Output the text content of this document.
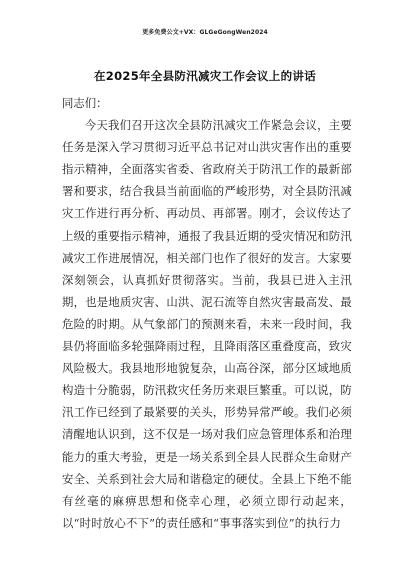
更多免费公文+VX：GLGeGongWen2024
在2025年全县防汛减灾工作会议上的讲话

同志们：

今天我们召开这次全县防汛减灾工作紧急会议，主要任务是深入学习贯彻习近平总书记对山洪灾害作出的重要指示精神，全面落实省委、省政府关于防汛工作的最新部署和要求，结合我县当前面临的严峻形势，对全县防汛减灾工作进行再分析、再动员、再部署。刚才，会议传达了上级的重要指示精神，通报了我县近期的受灾情况和防汛减灾工作进展情况，相关部门也作了很好的发言。大家要深刻领会，认真抓好贯彻落实。当前，我县已进入主汛期，也是地质灾害、山洪、泥石流等自然灾害最高发、最危险的时期。从气象部门的预测来看，未来一段时间，我县仍将面临多轮强降雨过程，且降雨落区重叠度高，致灾风险极大。我县地形地貌复杂，山高谷深，部分区域地质构造十分脆弱，防汛救灾任务历来艰巨繁重。可以说，防汛工作已经到了最紧要的关头，形势异常严峻。我们必须清醒地认识到，这不仅是一场对我们应急管理体系和治理能力的重大考验，更是一场关系到全县人民群众生命财产安全、关系到社会大局和谐稳定的硬仗。全县上下绝不能有丝毫的麻痹思想和侥幸心理，必须立即行动起来，以“时时放心不下”的责任感和“事事落实到位”的执行力
